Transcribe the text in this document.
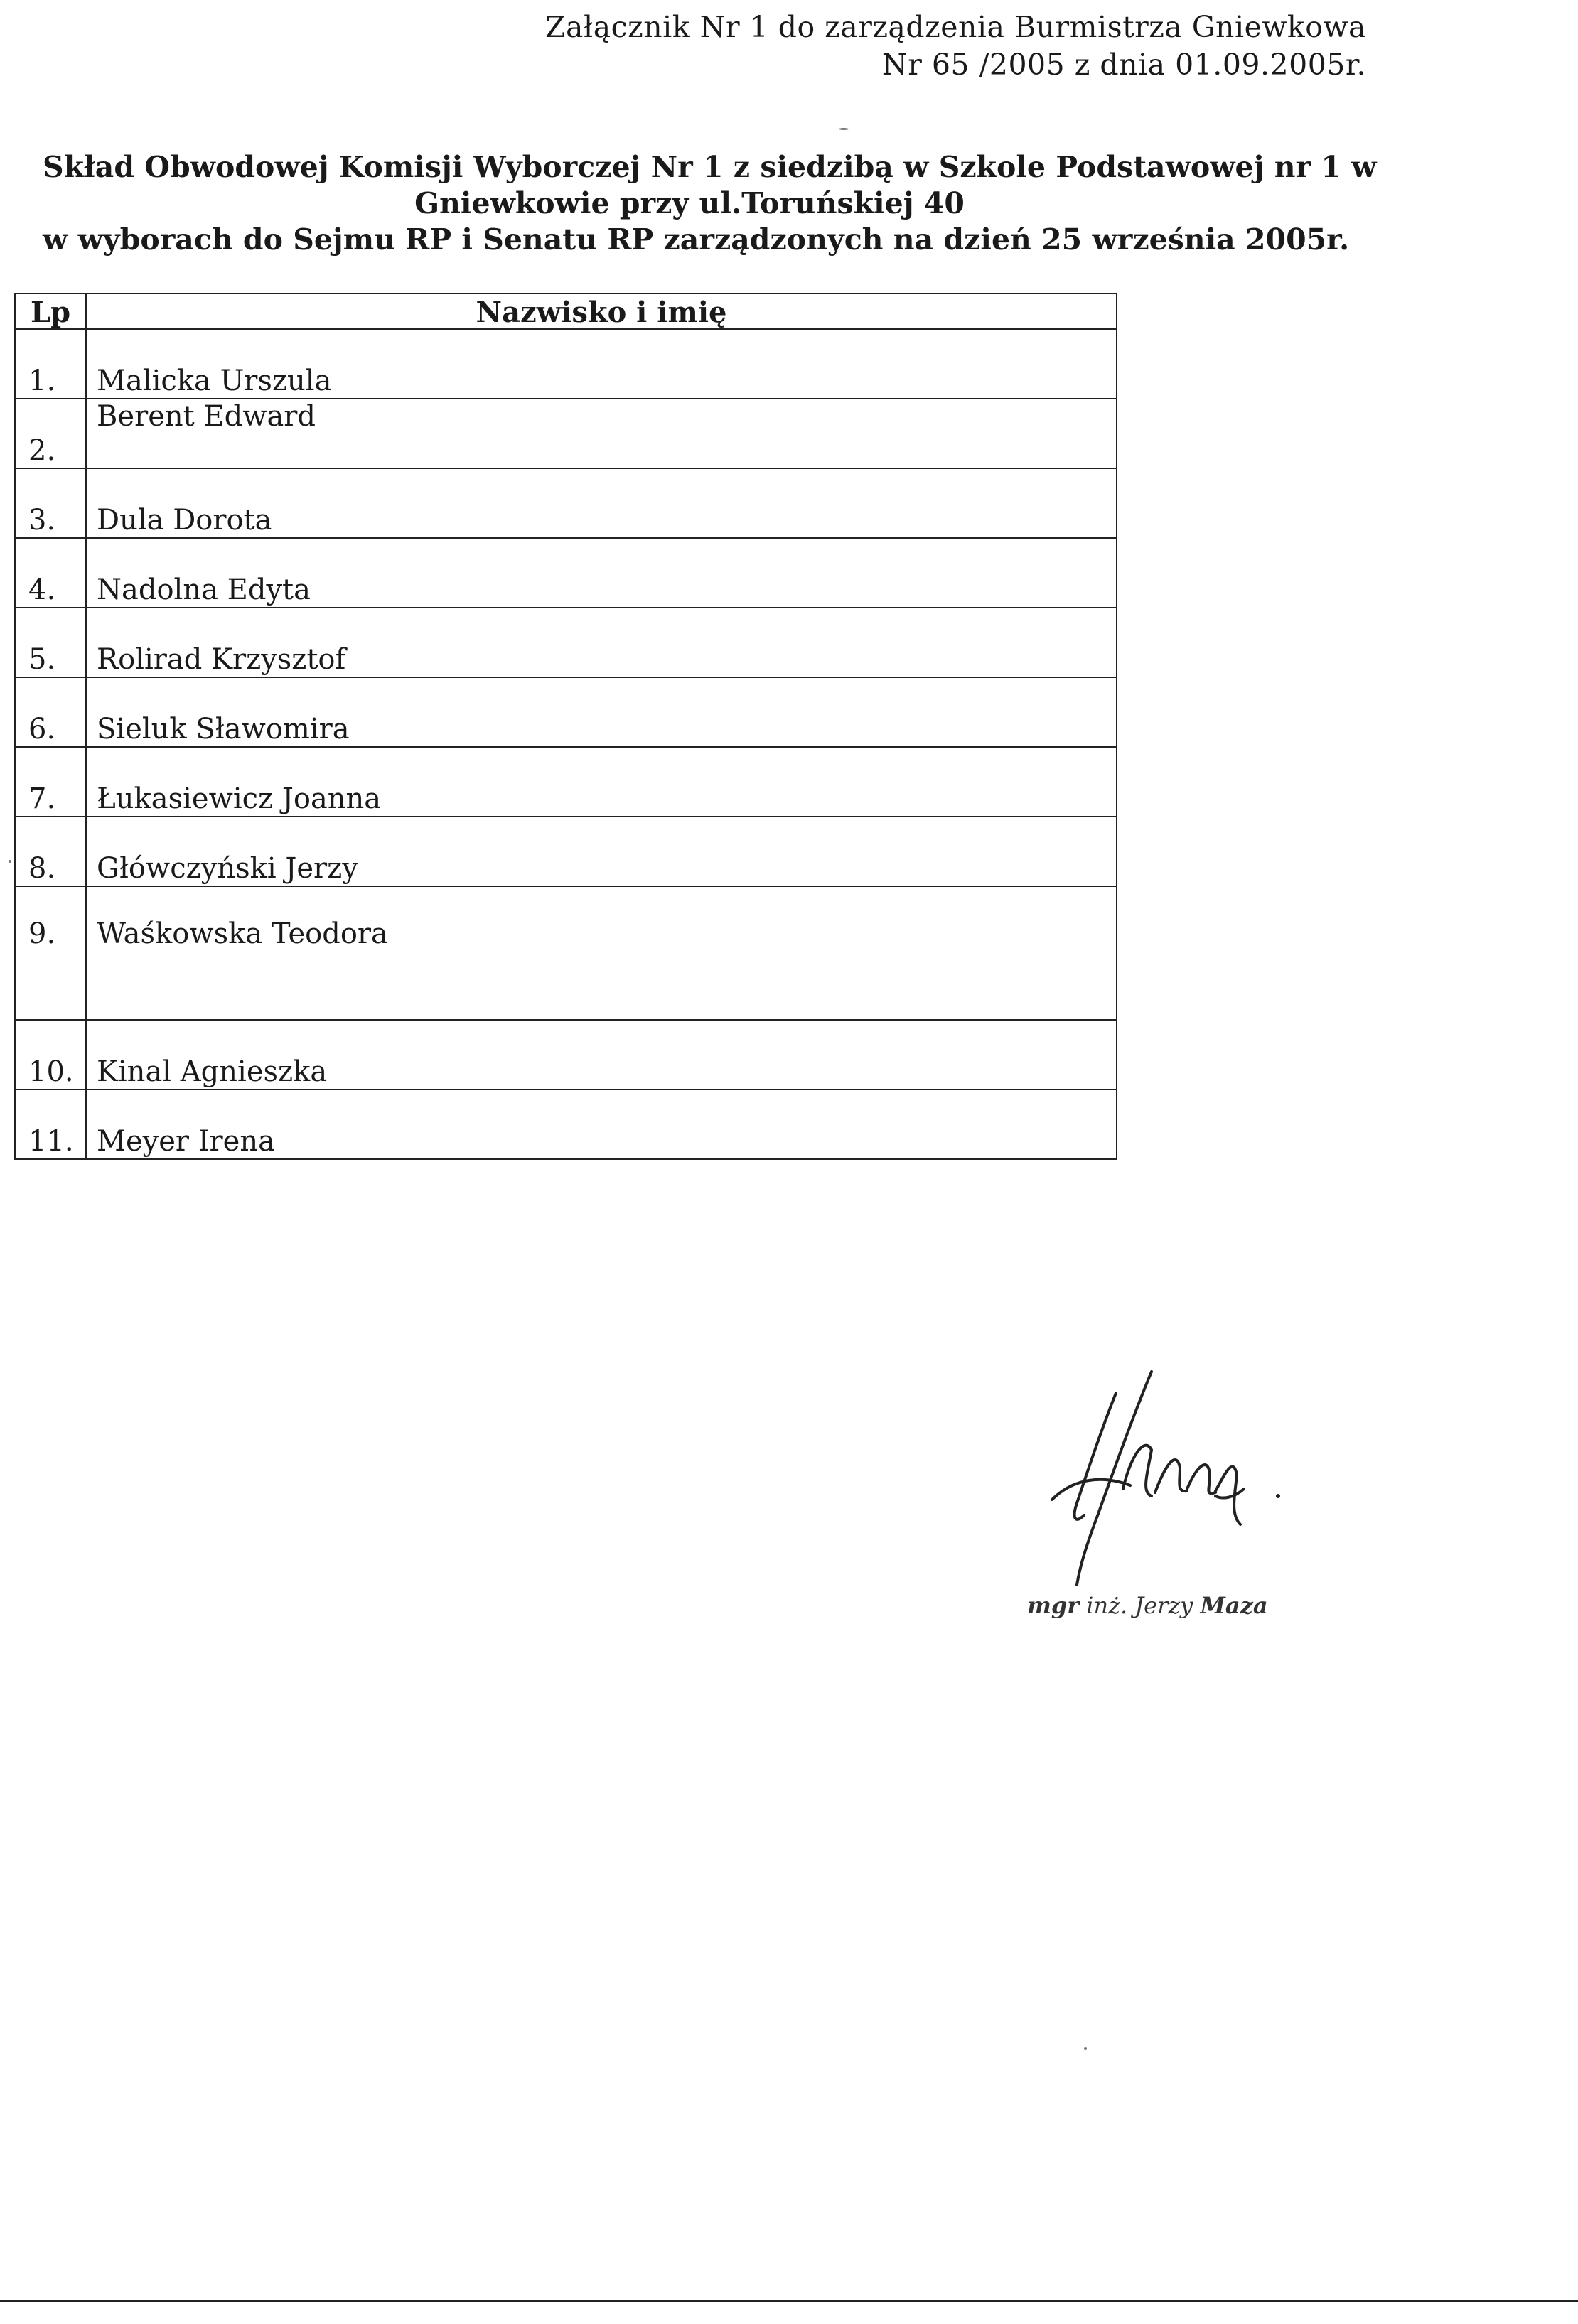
Załącznik Nr 1 do zarządzenia Burmistrza Gniewkowa
Nr 65 /2005 z dnia 01.09.2005r.
Skład Obwodowej Komisji Wyborczej Nr 1 z siedzibą w Szkole Podstawowej nr 1 w
Gniewkowie przy ul.Toruńskiej 40
w wyborach do Sejmu RP i Senatu RP zarządzonych na dzień 25 września 2005r.
Lp	Nazwisko i imię
1.	Malicka Urszula
2.	Berent Edward
3.	Dula Dorota
4.	Nadolna Edyta
5.	Rolirad Krzysztof
6.	Sieluk Sławomira
7.	Łukasiewicz Joanna
8.	Główczyński Jerzy
9.	Waśkowska Teodora
10.	Kinal Agnieszka
11.	Meyer Irena
mgr inż. Jerzy Maza
